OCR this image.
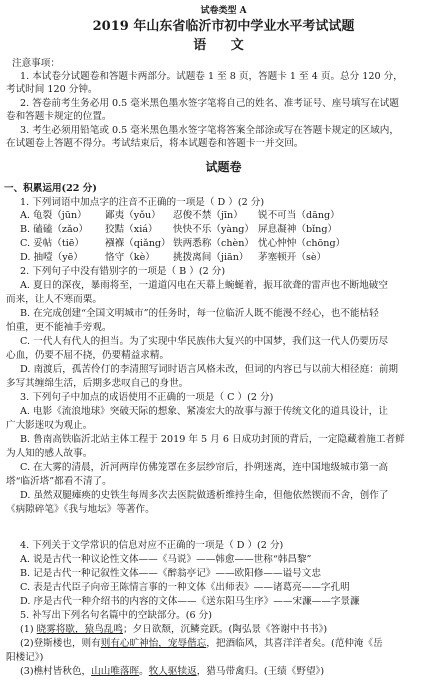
试卷类型 A
2019 年山东省临沂市初中学业水平考试试题
语 文
注意事项：
1. 本试卷分试题卷和答题卡两部分。试题卷 1 至 8 页，答题卡 1 至 4 页。总分 120 分，
考试时间 120 分钟。
2. 答卷前考生务必用 0.5 毫米黑色墨水签字笔将自己的姓名、准考证号、座号填写在试题
卷和答题卡规定的位置。
3. 考生必须用铅笔或 0.5 毫米黑色墨水签字笔将答案全部涂或写在答题卡规定的区域内，
在试题卷上答题不得分。考试结束后，将本试题卷和答题卡一并交回。
试题卷
一、积累运用(22 分)
1. 下列词语中加点字的注音不正确的一项是（ D ）(2 分)
A. 龟裂（jūn） 鄙夷（yǒu） 忍俊不禁（jīn） 锐不可当（dāng）
B. 磕磕（zǎo） 狡黠（xiá） 快快不乐（yàng） 屏息凝神（bǐng）
C. 妥帖（tiē） 襁褓（qiǎng） 铁两悉称（chèn） 忧心忡忡（chōng）
D. 抽噎（yē） 恪守（kè） 挑拨离间（jiān） 茅塞顿开（sè）
2. 下列句子中没有错别字的一项是（ B ）(2 分)
A. 夏日的深夜，暴雨将至，一道道闪电在天幕上蜿蜒着，振耳欲聋的雷声也不断地破空
而来，让人不寒而栗。
B. 在完成创建“全国文明城市”的任务时，每一位临沂人既不能漫不经心，也不能枯轻
怕重，更不能袖手旁观。
C. 一代人有代人的担当。为了实现中华民族伟大复兴的中国梦，我们这一代人仍要历尽
心血，仍要不屈不挠，仍要精益求精。
D. 南渡后，孤苦伶仃的李清照写词时语言风格未改，但词的内容已与以前大相径庭：前期
多写其缠绵生活，后期多悲叹自己的身世。
3. 下列句子中加点的成语使用不正确的一项是（ C ）(2 分)
A. 电影《流浪地球》突破天际的想象、紧凑宏大的故事与源于传统文化的道具设计，让
广大影迷叹为观止。
B. 鲁南高铁临沂北站主体工程于 2019 年 5 月 6 日成功封顶的背后，一定隐藏着施工者鲜
为人知的感人故事。
C. 在大雾的清晨，沂河两岸仿佛笼罩在多层纱帘后，扑朔迷离，连中国地级城市第一高
塔“临沂塔”都看不清了。
D. 虽然双腿瘫痪的史铁生每周多次去医院做透析维持生命，但他依然锲而不舍，创作了
《病隙碎笔》《我与地坛》等著作。
4. 下列关于文学常识的信息对应不正确的一项是（ D ）(2 分)
A. 说是古代一种议论性文体——《马说》——韩愈——世称“韩昌黎”
B. 记是古代一种记叙性文体——《醉翁亭记》——欧阳修——谥号文忠
C. 表是古代臣子向帝王陈情言事的一种文体《出师表》——诸葛亮——字孔明
D. 序是古代一种介绍书的内容的文体——《送东阳马生序》——宋濂——字景濂
5. 补写出下列名句名篇中的空缺部分。(6 分)
(1) 晓雾将歇，猿鸟乱鸣；夕日欲颓，沉鳞竞跃。(陶弘景《答谢中书书》)
(2)登斯楼也，则有则有心旷神怡，宠辱偕忘，把酒临风，其喜洋洋者矣。(范仲淹《岳
阳楼记》)
(3)樵村皆秋色，山山唯落晖。牧人驱犊返，猎马带禽归。(王绩《野望》)
